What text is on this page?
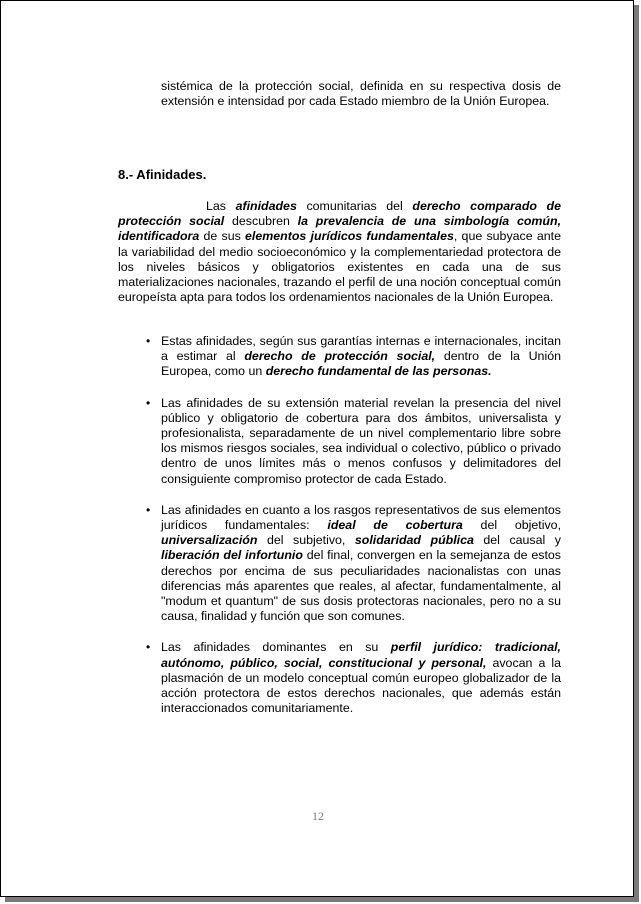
sistémica de la protección social, definida en su respectiva dosis de extensión e intensidad por cada Estado miembro de la Unión Europea.
8.- Afinidades.
Las afinidades comunitarias del derecho comparado de protección social descubren la prevalencia de una simbología común, identificadora de sus elementos jurídicos fundamentales, que subyace ante la variabilidad del medio socioeconómico y la complementariedad protectora de los niveles básicos y obligatorios existentes en cada una de sus materializaciones nacionales, trazando el perfil de una noción conceptual común europeísta apta para todos los ordenamientos nacionales de la Unión Europea.
• Estas afinidades, según sus garantías internas e internacionales, incitan a estimar al derecho de protección social, dentro de la Unión Europea, como un derecho fundamental de las personas.
• Las afinidades de su extensión material revelan la presencia del nivel público y obligatorio de cobertura para dos ámbitos, universalista y profesionalista, separadamente de un nivel complementario libre sobre los mismos riesgos sociales, sea individual o colectivo, público o privado dentro de unos límites más o menos confusos y delimitadores del consiguiente compromiso protector de cada Estado.
• Las afinidades en cuanto a los rasgos representativos de sus elementos jurídicos fundamentales: ideal de cobertura del objetivo, universalización del subjetivo, solidaridad pública del causal y liberación del infortunio del final, convergen en la semejanza de estos derechos por encima de sus peculiaridades nacionalistas con unas diferencias más aparentes que reales, al afectar, fundamentalmente, al "modum et quantum" de sus dosis protectoras nacionales, pero no a su causa, finalidad y función que son comunes.
• Las afinidades dominantes en su perfil jurídico: tradicional, autónomo, público, social, constitucional y personal, avocan a la plasmación de un modelo conceptual común europeo globalizador de la acción protectora de estos derechos nacionales, que además están interaccionados comunitariamente.
12
